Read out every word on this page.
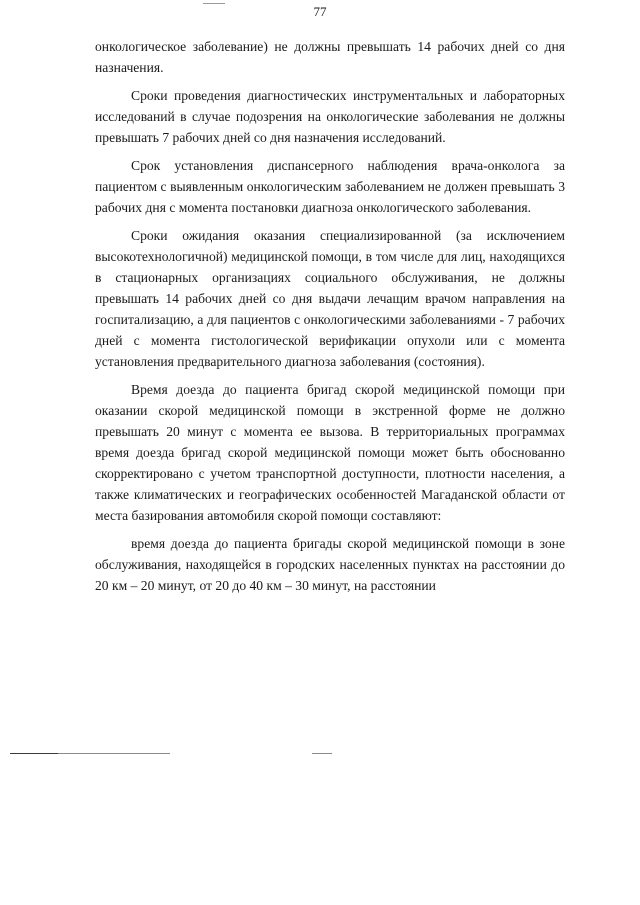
77

онкологическое заболевание) не должны превышать 14 рабочих дней со дня назначения.

Сроки проведения диагностических инструментальных и лабораторных исследований в случае подозрения на онкологические заболевания не должны превышать 7 рабочих дней со дня назначения исследований.

Срок установления диспансерного наблюдения врача-онколога за пациентом с выявленным онкологическим заболеванием не должен превышать 3 рабочих дня с момента постановки диагноза онкологического заболевания.

Сроки ожидания оказания специализированной (за исключением высокотехнологичной) медицинской помощи, в том числе для лиц, находящихся в стационарных организациях социального обслуживания, не должны превышать 14 рабочих дней со дня выдачи лечащим врачом направления на госпитализацию, а для пациентов с онкологическими заболеваниями - 7 рабочих дней с момента гистологической верификации опухоли или с момента установления предварительного диагноза заболевания (состояния).

Время доезда до пациента бригад скорой медицинской помощи при оказании скорой медицинской помощи в экстренной форме не должно превышать 20 минут с момента ее вызова. В территориальных программах время доезда бригад скорой медицинской помощи может быть обоснованно скорректировано с учетом транспортной доступности, плотности населения, а также климатических и географических особенностей Магаданской области от места базирования автомобиля скорой помощи составляют:

время доезда до пациента бригады скорой медицинской помощи в зоне обслуживания, находящейся в городских населенных пунктах на расстоянии до 20 км – 20 минут, от 20 до 40 км – 30 минут, на расстоянии
